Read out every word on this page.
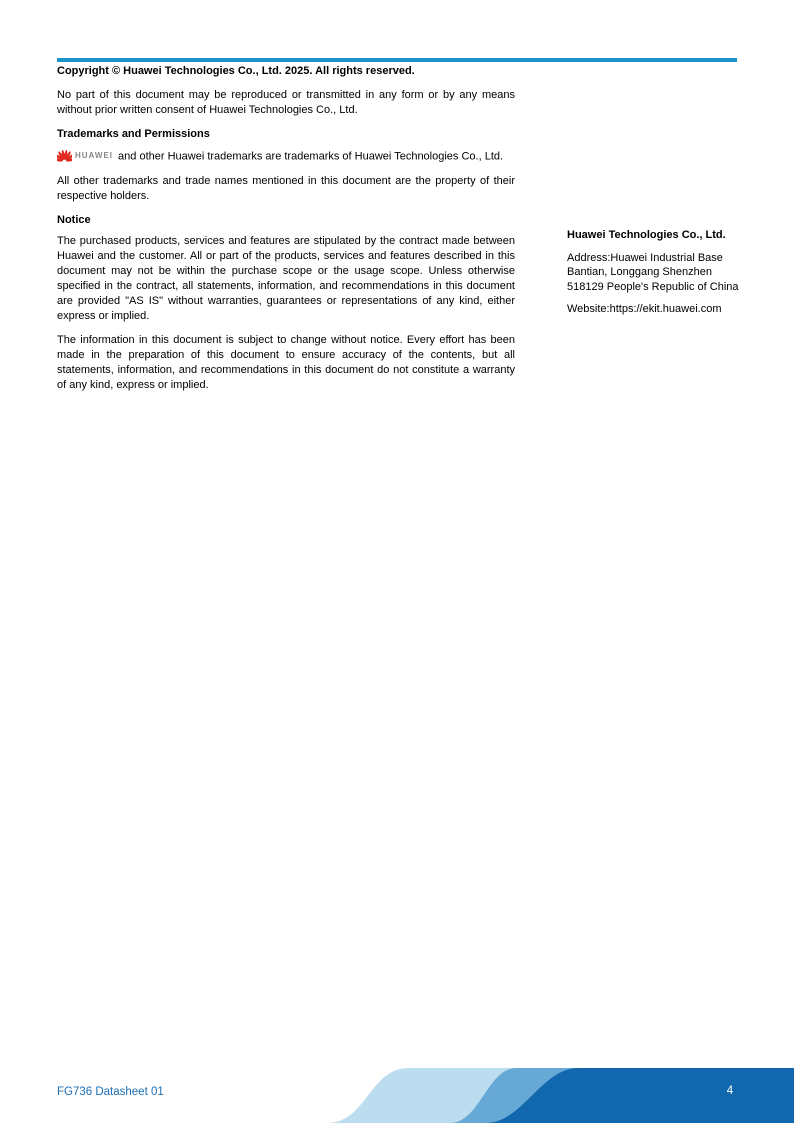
Copyright © Huawei Technologies Co., Ltd. 2025. All rights reserved.

No part of this document may be reproduced or transmitted in any form or by any means without prior written consent of Huawei Technologies Co., Ltd.

Trademarks and Permissions

HUAWEI and other Huawei trademarks are trademarks of Huawei Technologies Co., Ltd.

All other trademarks and trade names mentioned in this document are the property of their respective holders.

Notice

The purchased products, services and features are stipulated by the contract made between Huawei and the customer. All or part of the products, services and features described in this document may not be within the purchase scope or the usage scope. Unless otherwise specified in the contract, all statements, information, and recommendations in this document are provided "AS IS" without warranties, guarantees or representations of any kind, either express or implied.

The information in this document is subject to change without notice. Every effort has been made in the preparation of this document to ensure accuracy of the contents, but all statements, information, and recommendations in this document do not constitute a warranty of any kind, express or implied.

Huawei Technologies Co., Ltd.

Address:Huawei Industrial Base Bantian, Longgang Shenzhen 518129 People's Republic of China

Website:https://ekit.huawei.com

FG736 Datasheet 01	4
